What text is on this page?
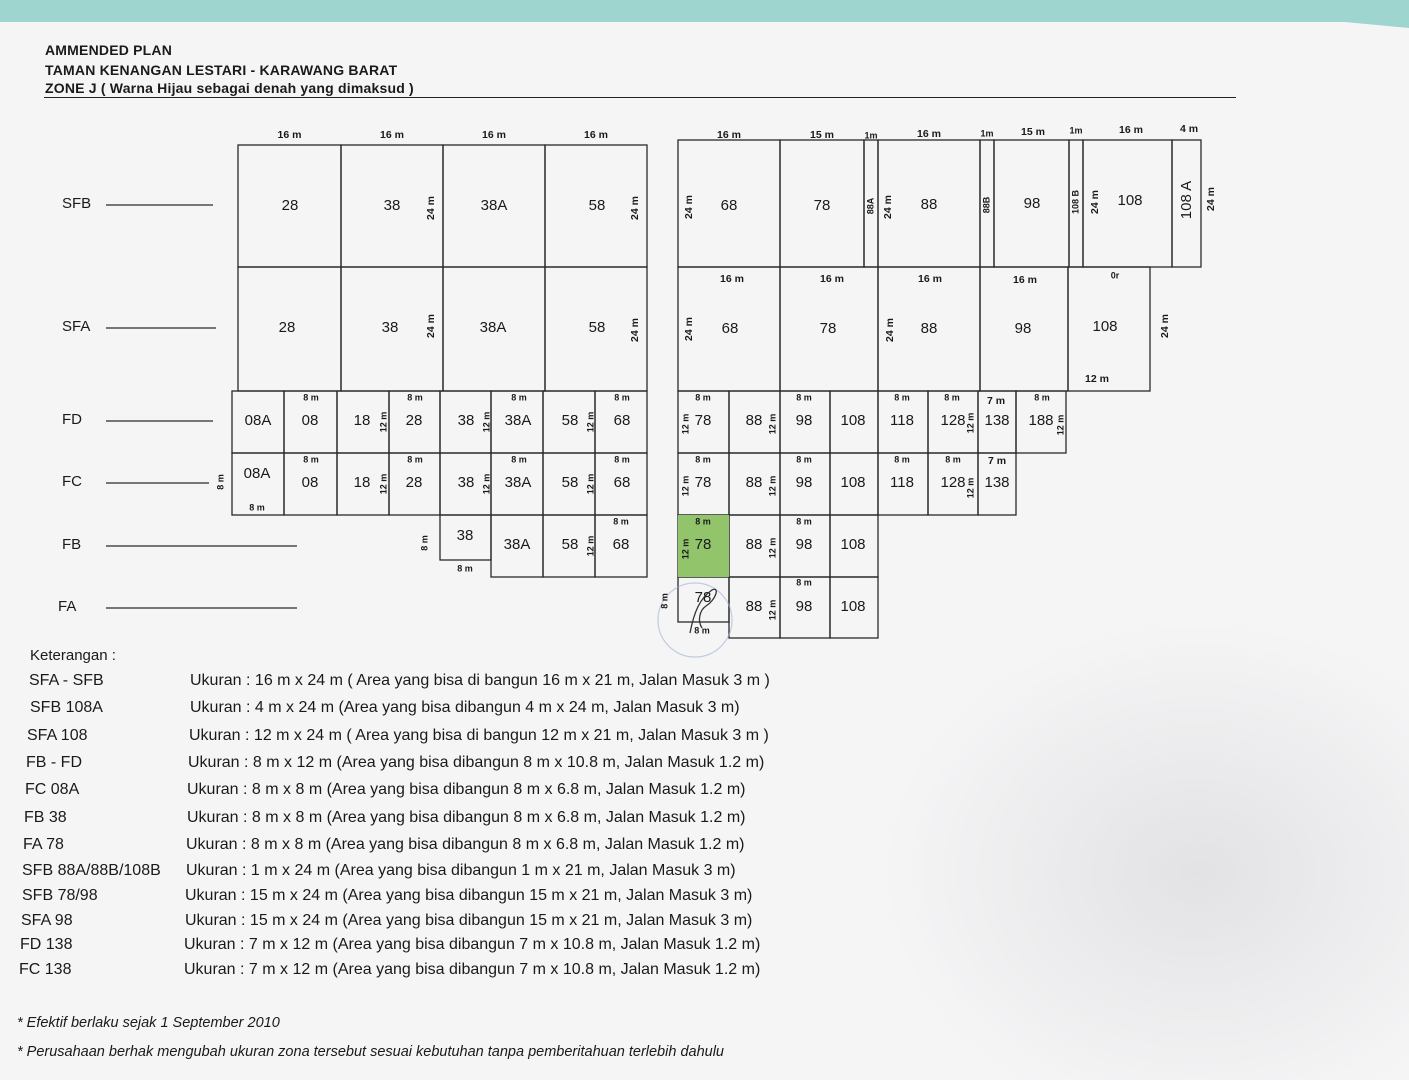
AMMENDED PLAN
TAMAN KENANGAN LESTARI - KARAWANG BARAT
ZONE J ( Warna Hijau sebagai denah yang dimaksud )
SFB
SFA
FD
FC
FB
FA
16 m	16 m	16 m	16 m
28	38	38A	58
24 m	24 m
28	38	38A	58
24 m	24 m
16 m	15 m	1m	16 m	1m	15 m	1m	16 m	4 m
68	78	88A	88	88B 98	108 B 108 108 A
24 m	24 m	24 m	24 m
16 m	16 m	16 m	16 m	0r
12 m
68	78	88	98	108
24 m	24 m	24 m
08A 08 18 28 38 38A 58 68	78 88 98 108 118 128 138 188
08A
08 18 28 38 38A 58 68	78 88 98 108 118 128 138
8 m	8 m	8 m	8 m	8 m	8 m	8 m	8 m	8 m
7 m
8 m	8 m	8 m	8 m	8 m	8 m	8 m	8 m	7 m
8 m
8 m
12 m
12 m
12 m
12 m
12 m
12 m
12 m
12 m
12 m
12 m
12 m	12 m
12 m
38
38A 58 68	78 88 98 108
8 m
8 m
8 m	8 m	8 m
12 m	12 m	12 m
78
88 98 108
8 m
8 m
8 m	12 m
Keterangan :
SFA - SFB	Ukuran : 16 m x 24 m ( Area yang bisa di bangun 16 m x 21 m, Jalan Masuk 3 m )
SFB 108A	Ukuran : 4 m x 24 m (Area yang bisa dibangun 4 m x 24 m, Jalan Masuk 3 m)
SFA 108	Ukuran : 12 m x 24 m ( Area yang bisa di bangun 12 m x 21 m, Jalan Masuk 3 m )
FB - FD	Ukuran : 8 m x 12 m (Area yang bisa dibangun 8 m x 10.8 m, Jalan Masuk 1.2 m)
FC 08A	Ukuran : 8 m x 8 m (Area yang bisa dibangun 8 m x 6.8 m, Jalan Masuk 1.2 m)
FB 38	Ukuran : 8 m x 8 m (Area yang bisa dibangun 8 m x 6.8 m, Jalan Masuk 1.2 m)
FA 78	Ukuran : 8 m x 8 m (Area yang bisa dibangun 8 m x 6.8 m, Jalan Masuk 1.2 m)
SFB 88A/88B/108B Ukuran : 1 m x 24 m (Area yang bisa dibangun 1 m x 21 m, Jalan Masuk 3 m)
SFB 78/98	Ukuran : 15 m x 24 m (Area yang bisa dibangun 15 m x 21 m, Jalan Masuk 3 m)
SFA 98	Ukuran : 15 m x 24 m (Area yang bisa dibangun 15 m x 21 m, Jalan Masuk 3 m)
FD 138	Ukuran : 7 m x 12 m (Area yang bisa dibangun 7 m x 10.8 m, Jalan Masuk 1.2 m)
FC 138	Ukuran : 7 m x 12 m (Area yang bisa dibangun 7 m x 10.8 m, Jalan Masuk 1.2 m)
* Efektif berlaku sejak 1 September 2010
* Perusahaan berhak mengubah ukuran zona tersebut sesuai kebutuhan tanpa pemberitahuan terlebih dahulu
